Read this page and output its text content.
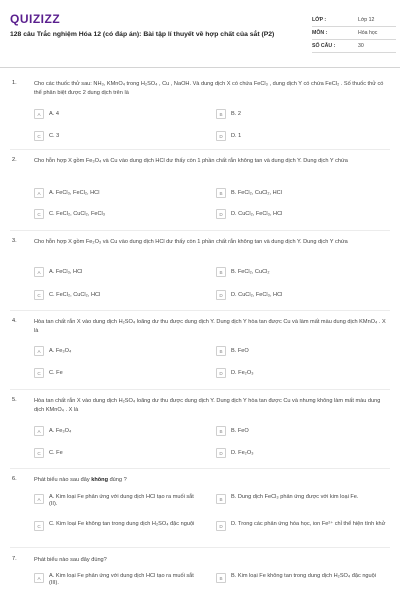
QUIZIZZ
128 câu Trắc nghiệm Hóa 12 (có đáp án): Bài tập lí thuyết về hợp chất của sắt (P2)
LỚP :	Lớp 12
MÔN :	Hóa học
SỐ CÂU :	30
1.	Cho các thuốc thử sau: NH₃, KMnO₄ trong H₂SO₄ , Cu , NaOH. Và dung dịch X có chứa FeCl₃ , dung dịch Y có chứa FeCl₂ . Số thuốc thử có thể phân biệt được 2 dung dịch trên là
A	A. 4	B	B. 2
C	C. 3	D	D. 1
2.	Cho hỗn hợp X gồm Fe₃O₄ và Cu vào dung dịch HCl dư thấy còn 1 phần chất rắn không tan và dung dịch Y. Dung dịch Y chứa
A	A. FeCl₃, FeCl₂, HCl	B	B. FeCl₂, CuCl₂, HCl
C	C. FeCl₂, CuCl₂, FeCl₃	D	D. CuCl₂, FeCl₃, HCl
3.	Cho hỗn hợp X gồm Fe₂O₃ và Cu vào dung dịch HCl dư thấy còn 1 phần chất rắn không tan và dung dịch Y. Dung dịch Y chứa
A	A. FeCl₃, HCl	B	B. FeCl₂, CuCl₂
C	C. FeCl₂, CuCl₂, HCl	D	D. CuCl₂, FeCl₃, HCl
4.	Hòa tan chất rắn X vào dung dịch H₂SO₄ loãng dư thu được dung dịch Y. Dung dịch Y hòa tan được Cu và làm mất màu dung dịch KMnO₄ . X là
A	A. Fe₃O₄	B	B. FeO
C	C. Fe	D	D. Fe₂O₃
5.	Hòa tan chất rắn X vào dung dịch H₂SO₄ loãng dư thu được dung dịch Y. Dung dịch Y hòa tan được Cu và nhưng không làm mất màu dung dịch KMnO₄ . X là
A	A. Fe₃O₄	B	B. FeO
C	C. Fe	D	D. Fe₂O₃
6.	Phát biểu nào sau đây không đúng ?
A	A. Kim loại Fe phản ứng với dung dịch HCl tạo ra muối sắt (II).
B	B. Dung dịch FeCl₃ phản ứng được với kim loại Fe.
C	C. Kim loại Fe không tan trong dung dịch H₂SO₄ đặc nguội	D	D. Trong các phản ứng hóa học, ion Fe²⁺ chỉ thể hiện tính khử
7.	Phát biểu nào sau đây đúng?
A	A. Kim loại Fe phản ứng với dung dịch HCl tạo ra muối sắt (III).
B	B. Kim loại Fe không tan trong dung dịch H₂SO₄ đặc nguội
